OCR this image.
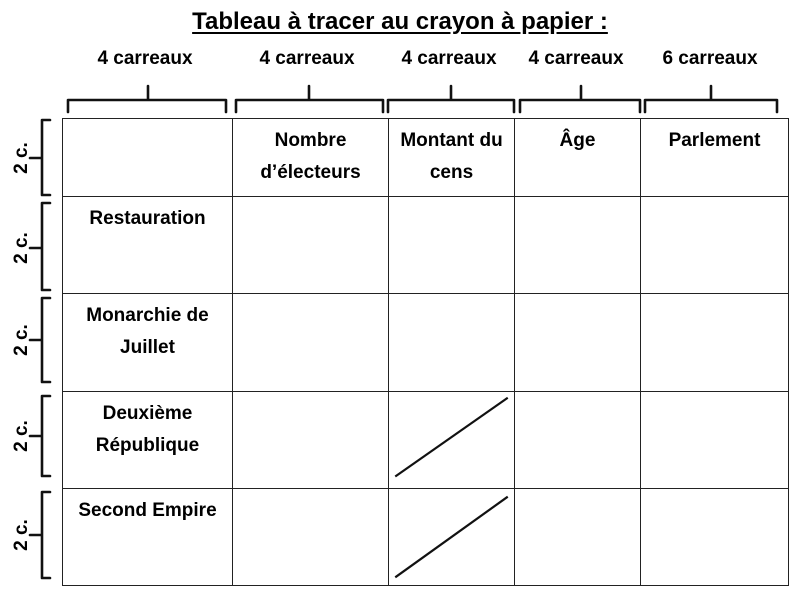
Tableau à tracer au crayon à papier :
4 carreaux	4 carreaux	4 carreaux	4 carreaux	6 carreaux
2 c.
2 c.
2 c.
2 c.
2 c.
	Nombre d’électeurs	Montant du cens	Âge	Parlement
Restauration				
Monarchie de Juillet				
Deuxième République		

Second Empire		
